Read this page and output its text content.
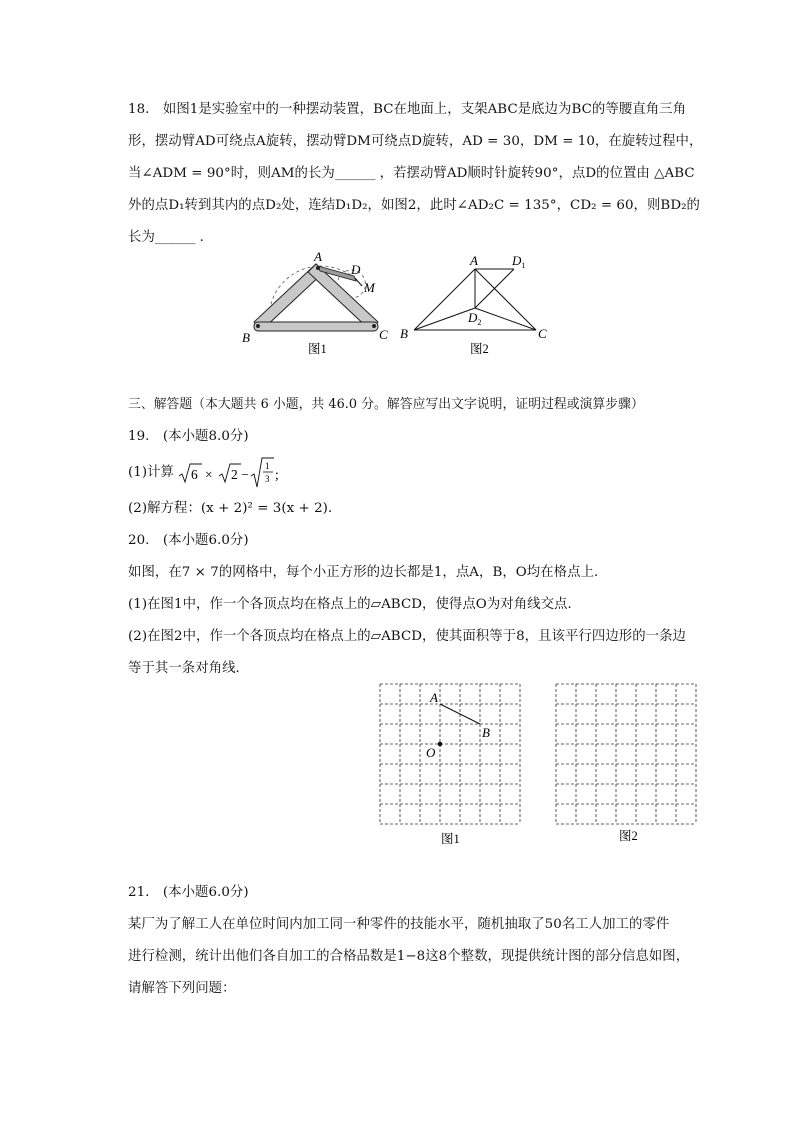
18.　如图1是实验室中的一种摆动装置，BC在地面上，支架ABC是底边为BC的等腰直角三角
形，摆动臂AD可绕点A旋转，摆动臂DM可绕点D旋转，AD = 30，DM = 10，在旋转过程中，
当∠ADM = 90°时，则AM的长为______ ，若摆动臂AD顺时针旋转90°，点D的位置由 △ABC
外的点D₁转到其内的点D₂处，连结D₁D₂，如图2，此时∠AD₂C = 135°，CD₂ = 60，则BD₂的
长为______ ．
A
B	C
D
M
图1
A	$D_1$
$D_2$
B	C
图2
三、解答题（本大题共 6 小题，共 46.0 分。解答应写出文字说明，证明过程或演算步骤）
19.　(本小题8.0分)
(1)计算 6 × 2 −
1
3 ;
(2)解方程：(x + 2)² = 3(x + 2)．
20.　(本小题6.0分)
如图，在7 × 7的网格中，每个小正方形的边长都是1，点A，B，O均在格点上．
(1)在图1中，作一个各顶点均在格点上的▱ABCD，使得点O为对角线交点．
(2)在图2中，作一个各顶点均在格点上的▱ABCD，使其面积等于8，且该平行四边形的一条边
等于其一条对角线．
A
B
O
图1	图2
21.　(本小题6.0分)
某厂为了解工人在单位时间内加工同一种零件的技能水平，随机抽取了50名工人加工的零件
进行检测，统计出他们各自加工的合格品数是1−8这8个整数，现提供统计图的部分信息如图，
请解答下列问题：
